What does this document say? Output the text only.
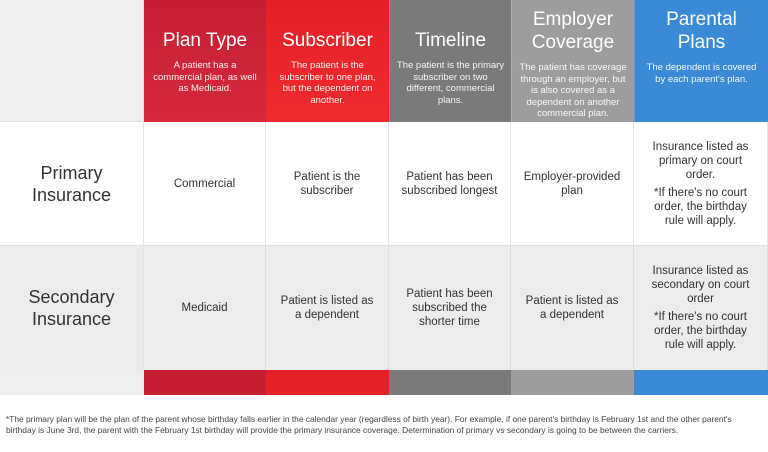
Plan Type
A patient has a commercial plan, as well as Medicaid.
Subscriber
The patient is the subscriber to one plan, but the dependent on another.
Timeline
The patient is the primary subscriber on two different, commercial plans.
Employer Coverage
The patient has coverage through an employer, but is also covered as a dependent on another commercial plan.
Parental Plans
The dependent is covered by each parent's plan.
Primary Insurance
Commercial
Patient is the subscriber
Patient has been subscribed longest
Employer-provided plan
Insurance listed as primary on court order.
*If there's no court order, the birthday rule will apply.
Secondary Insurance
Medicaid
Patient is listed as a dependent
Patient has been subscribed the shorter time
Patient is listed as a dependent
Insurance listed as secondary on court order
*If there's no court order, the birthday rule will apply.
*The primary plan will be the plan of the parent whose birthday falls earlier in the calendar year (regardless of birth year). For example, if one parent's birthday is February 1st and the other parent's birthday is June 3rd, the parent with the February 1st birthday will provide the primary insurance coverage. Determination of primary vs secondary is going to be between the carriers.
